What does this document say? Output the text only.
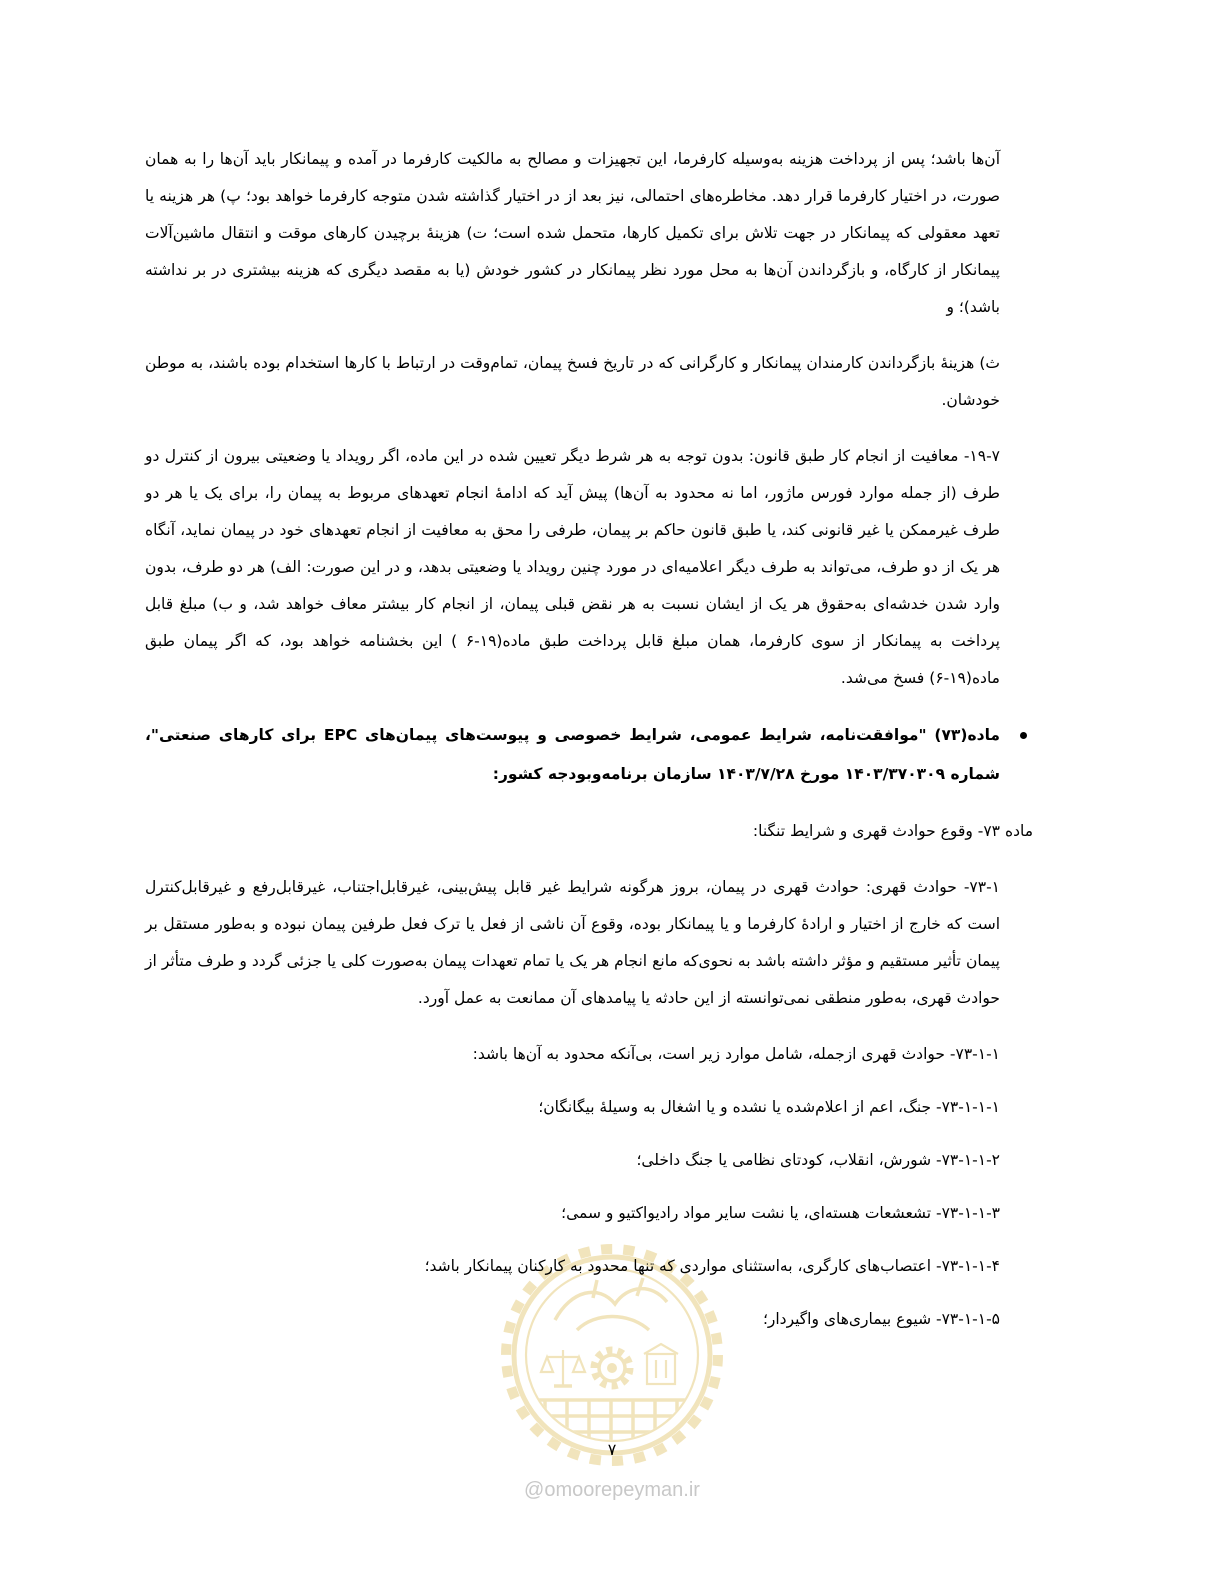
آن‌ها باشد؛ پس از پرداخت هزینه به‌وسیله کارفرما، این تجهیزات و مصالح به مالکیت کارفرما در آمده و پیمانکار باید آن‌ها را به همان صورت، در اختیار کارفرما قرار دهد. مخاطره‌های احتمالی، نیز بعد از در اختیار گذاشته شدن متوجه کارفرما خواهد بود؛ پ) هر هزینه یا تعهد معقولی که پیمانکار در جهت تلاش برای تکمیل کارها، متحمل شده است؛ ت) هزینهٔ برچیدن کارهای موقت و انتقال ماشین‌آلات پیمانکار از کارگاه، و بازگرداندن آن‌ها به محل مورد نظر پیمانکار در کشور خودش (یا به مقصد دیگری که هزینه بیشتری در بر نداشته باشد)؛ و

ث) هزینهٔ بازگرداندن کارمندان پیمانکار و کارگرانی که در تاریخ فسخ پیمان، تمام‌وقت در ارتباط با کارها استخدام بوده باشند، به موطن خودشان.

۱۹-۷- معافیت از انجام کار طبق قانون: بدون توجه به هر شرط دیگر تعیین شده در این ماده، اگر رویداد یا وضعیتی بیرون از کنترل دو طرف (از جمله موارد فورس ماژور، اما نه محدود به آن‌ها) پیش آید که ادامهٔ انجام تعهدهای مربوط به پیمان را، برای یک یا هر دو طرف غیرممکن یا غیر قانونی کند، یا طبق قانون حاکم بر پیمان، طرفی را محق به معافیت از انجام تعهدهای خود در پیمان نماید، آنگاه هر یک از دو طرف، می‌تواند به طرف دیگر اعلامیه‌ای در مورد چنین رویداد یا وضعیتی بدهد، و در این صورت: الف) هر دو طرف، بدون وارد شدن خدشه‌ای به‌حقوق هر یک از ایشان نسبت به هر نقض قبلی پیمان، از انجام کار بیشتر معاف خواهد شد، و ب) مبلغ قابل پرداخت به پیمانکار از سوی کارفرما، همان مبلغ قابل پرداخت طبق ماده(۱۹-۶ ) این بخشنامه خواهد بود، که اگر پیمان طبق ماده(۱۹-۶) فسخ می‌شد.

ماده(۷۳) "موافقت‌نامه، شرایط عمومی، شرایط خصوصی و پیوست‌های پیمان‌های EPC برای کارهای صنعتی"، شماره ۱۴۰۳/۳۷۰۳۰۹ مورخ ۱۴۰۳/۷/۲۸ سازمان برنامه‌وبودجه کشور:

ماده ۷۳- وقوع حوادث قهری و شرایط تنگنا:

۷۳-۱- حوادث قهری: حوادث قهری در پیمان، بروز هرگونه شرایط غیر قابل پیش‌بینی، غیرقابل‌اجتناب، غیرقابل‌رفع و غیرقابل‌کنترل است که خارج از اختیار و ارادهٔ کارفرما و یا پیمانکار بوده، وقوع آن ناشی از فعل یا ترک فعل طرفین پیمان نبوده و به‌طور مستقل بر پیمان تأثیر مستقیم و مؤثر داشته باشد به نحوی‌که مانع انجام هر یک یا تمام تعهدات پیمان به‌صورت کلی یا جزئی گردد و طرف متأثر از حوادث قهری، به‌طور منطقی نمی‌توانسته از این حادثه یا پیامدهای آن ممانعت به عمل آورد.

۷۳-۱-۱- حوادث قهری ازجمله، شامل موارد زیر است، بی‌آنکه محدود به آن‌ها باشد:
۷۳-۱-۱-۱- جنگ، اعم از اعلام‌شده یا نشده و یا اشغال به وسیلهٔ بیگانگان؛
۷۳-۱-۱-۲- شورش، انقلاب، کودتای نظامی یا جنگ داخلی؛
۷۳-۱-۱-۳- تشعشعات هسته‌ای، یا نشت سایر مواد رادیواکتیو و سمی؛
۷۳-۱-۱-۴- اعتصاب‌های کارگری، به‌استثنای مواردی که تنها محدود به کارکنان پیمانکار باشد؛
۷۳-۱-۱-۵- شیوع بیماری‌های واگیردار؛
۷
@omoorepeyman.ir
